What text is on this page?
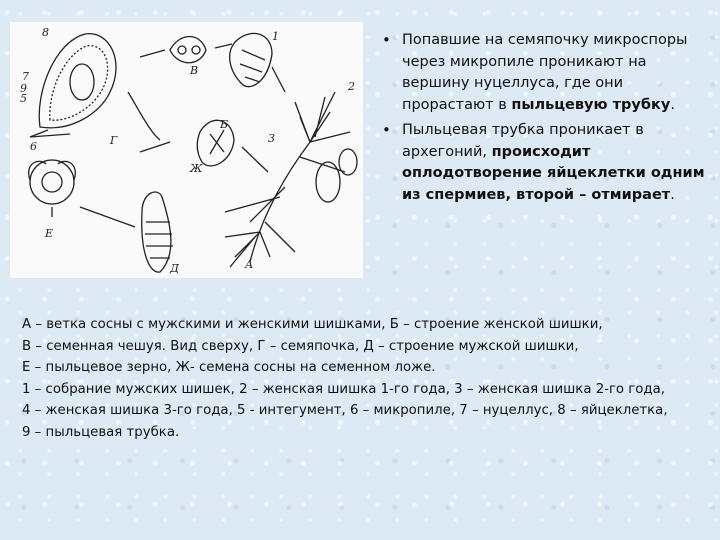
А
Б
В
Г
Д
Е
Ж
1
2
3
5
6
7
8
9
• Попавшие на семяпочку микроспоры через микропиле проникают на вершину нуцеллуса, где они прорастают в пыльцевую трубку.
• Пыльцевая трубка проникает в архегоний, происходит оплодотворение яйцеклетки одним из спермиев, второй – отмирает.
А – ветка сосны с мужскими и женскими шишками, Б – строение женской шишки,
В – семенная чешуя. Вид сверху, Г – семяпочка, Д – строение мужской шишки,
Е – пыльцевое зерно, Ж- семена сосны на семенном ложе.
1 – собрание мужских шишек, 2 – женская шишка 1-го года, 3 – женская шишка 2-го года,
4 – женская шишка 3-го года, 5 - интегумент, 6 – микропиле, 7 – нуцеллус, 8 – яйцеклетка,
9 – пыльцевая трубка.
